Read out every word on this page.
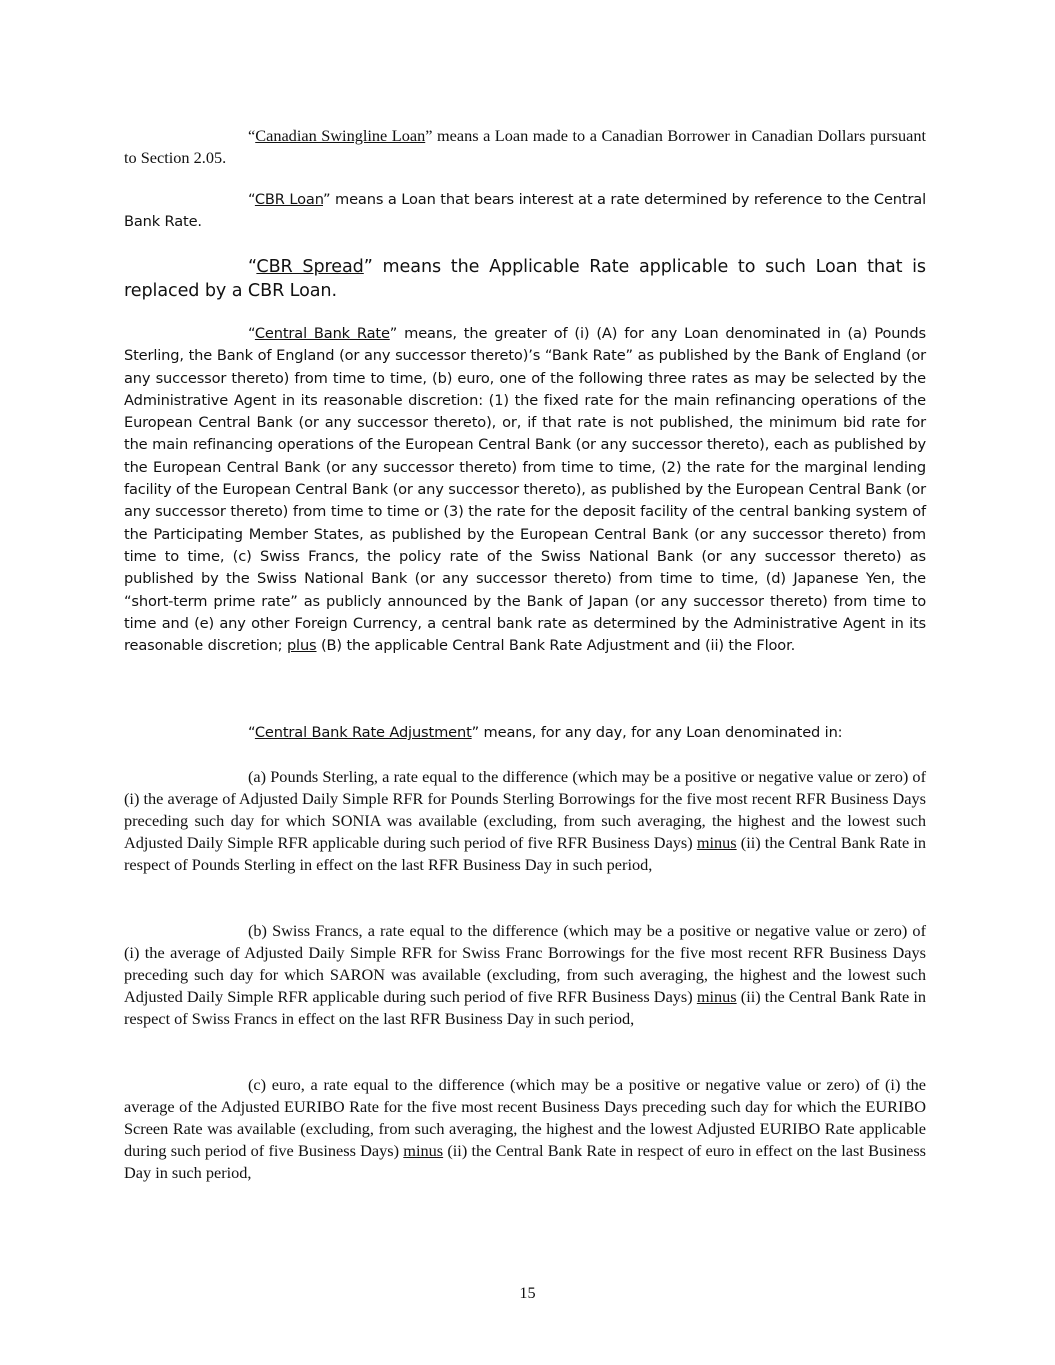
“Canadian Swingline Loan” means a Loan made to a Canadian Borrower in Canadian Dollars pursuant to Section 2.05.

“CBR Loan” means a Loan that bears interest at a rate determined by reference to the Central Bank Rate.

“CBR Spread” means the Applicable Rate applicable to such Loan that is replaced by a CBR Loan.

“Central Bank Rate” means, the greater of (i) (A) for any Loan denominated in (a) Pounds Sterling, the Bank of England (or any successor thereto)’s “Bank Rate” as published by the Bank of England (or any successor thereto) from time to time, (b) euro, one of the following three rates as may be selected by the Administrative Agent in its reasonable discretion: (1) the fixed rate for the main refinancing operations of the European Central Bank (or any successor thereto), or, if that rate is not published, the minimum bid rate for the main refinancing operations of the European Central Bank (or any successor thereto), each as published by the European Central Bank (or any successor thereto) from time to time, (2) the rate for the marginal lending facility of the European Central Bank (or any successor thereto), as published by the European Central Bank (or any successor thereto) from time to time or (3) the rate for the deposit facility of the central banking system of the Participating Member States, as published by the European Central Bank (or any successor thereto) from time to time, (c) Swiss Francs, the policy rate of the Swiss National Bank (or any successor thereto) as published by the Swiss National Bank (or any successor thereto) from time to time, (d) Japanese Yen, the “short-term prime rate” as publicly announced by the Bank of Japan (or any successor thereto) from time to time and (e) any other Foreign Currency, a central bank rate as determined by the Administrative Agent in its reasonable discretion; plus (B) the applicable Central Bank Rate Adjustment and (ii) the Floor.

“Central Bank Rate Adjustment” means, for any day, for any Loan denominated in:

(a) Pounds Sterling, a rate equal to the difference (which may be a positive or negative value or zero) of (i) the average of Adjusted Daily Simple RFR for Pounds Sterling Borrowings for the five most recent RFR Business Days preceding such day for which SONIA was available (excluding, from such averaging, the highest and the lowest such Adjusted Daily Simple RFR applicable during such period of five RFR Business Days) minus (ii) the Central Bank Rate in respect of Pounds Sterling in effect on the last RFR Business Day in such period,

(b) Swiss Francs, a rate equal to the difference (which may be a positive or negative value or zero) of (i) the average of Adjusted Daily Simple RFR for Swiss Franc Borrowings for the five most recent RFR Business Days preceding such day for which SARON was available (excluding, from such averaging, the highest and the lowest such Adjusted Daily Simple RFR applicable during such period of five RFR Business Days) minus (ii) the Central Bank Rate in respect of Swiss Francs in effect on the last RFR Business Day in such period,

(c) euro, a rate equal to the difference (which may be a positive or negative value or zero) of (i) the average of the Adjusted EURIBO Rate for the five most recent Business Days preceding such day for which the EURIBO Screen Rate was available (excluding, from such averaging, the highest and the lowest Adjusted EURIBO Rate applicable during such period of five Business Days) minus (ii) the Central Bank Rate in respect of euro in effect on the last Business Day in such period,

15
